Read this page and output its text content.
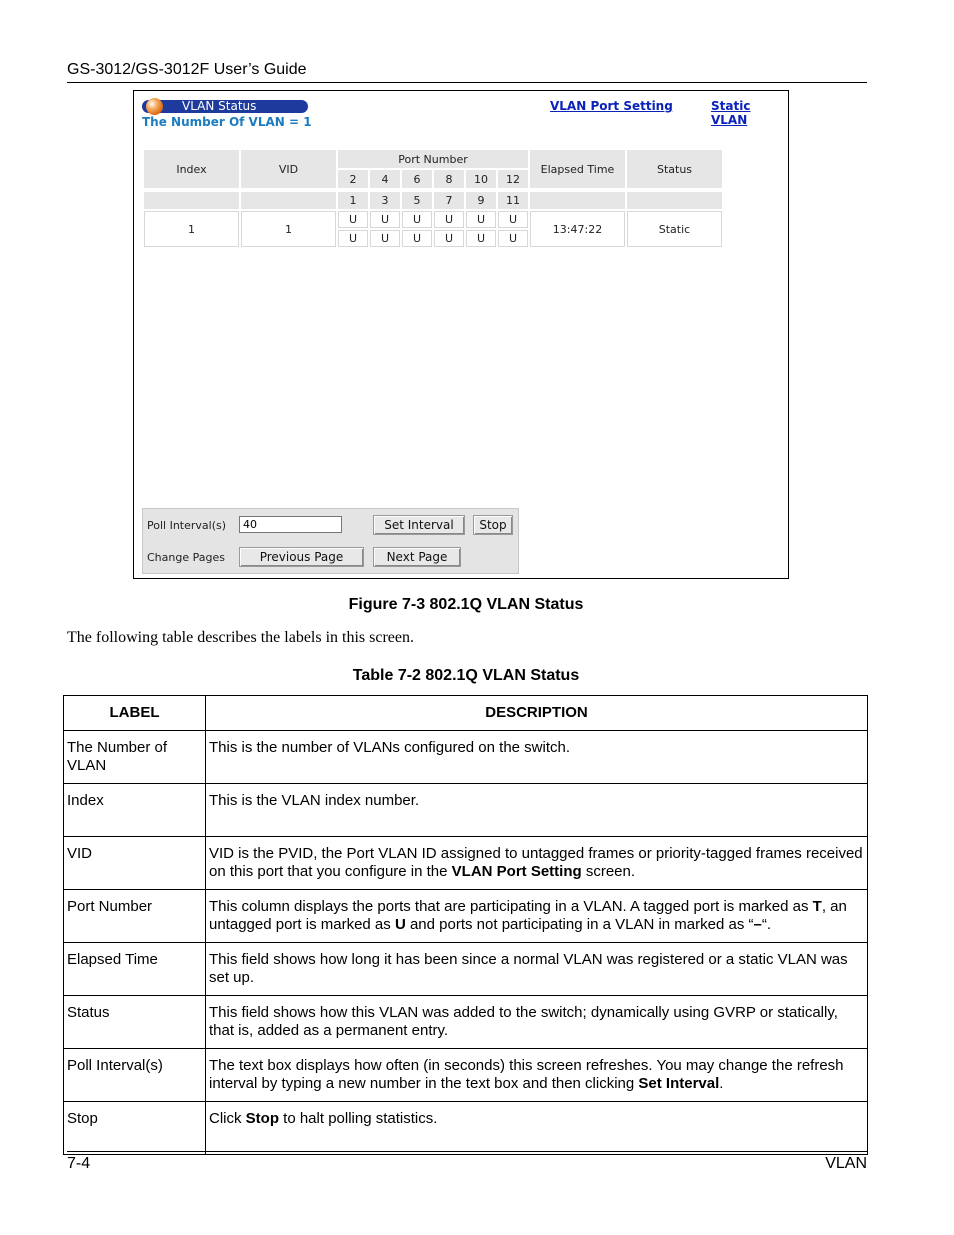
GS-3012/GS-3012F User’s Guide
VLAN Status
The Number Of VLAN = 1
VLAN Port Setting	Static VLAN
Index	VID	Port Number						Elapsed Time	Status
		2	4	6	8	10	12		

		1	3	5	7	9	11		
1	1	U	U	U	U	U	U	13:47:22	Static
		U	U	U	U	U	U		
Poll Interval(s)
40	Set Interval	Stop
Change Pages	Previous Page	Next Page
Figure 7-3 802.1Q VLAN Status
The following table describes the labels in this screen.
Table 7-2 802.1Q VLAN Status
LABEL	DESCRIPTION
The Number of VLAN	This is the number of VLANs configured on the switch.
Index	This is the VLAN index number.
VID	VID is the PVID, the Port VLAN ID assigned to untagged frames or priority-tagged frames received on this port that you configure in the VLAN Port Setting screen.
Port Number	This column displays the ports that are participating in a VLAN. A tagged port is marked as T, an untagged port is marked as U and ports not participating in a VLAN in marked as “–“.
Elapsed Time	This field shows how long it has been since a normal VLAN was registered or a static VLAN was set up.
Status	This field shows how this VLAN was added to the switch; dynamically using GVRP or statically, that is, added as a permanent entry.
Poll Interval(s)	The text box displays how often (in seconds) this screen refreshes. You may change the refresh interval by typing a new number in the text box and then clicking Set Interval.
Stop	Click Stop to halt polling statistics.
7-4	VLAN
